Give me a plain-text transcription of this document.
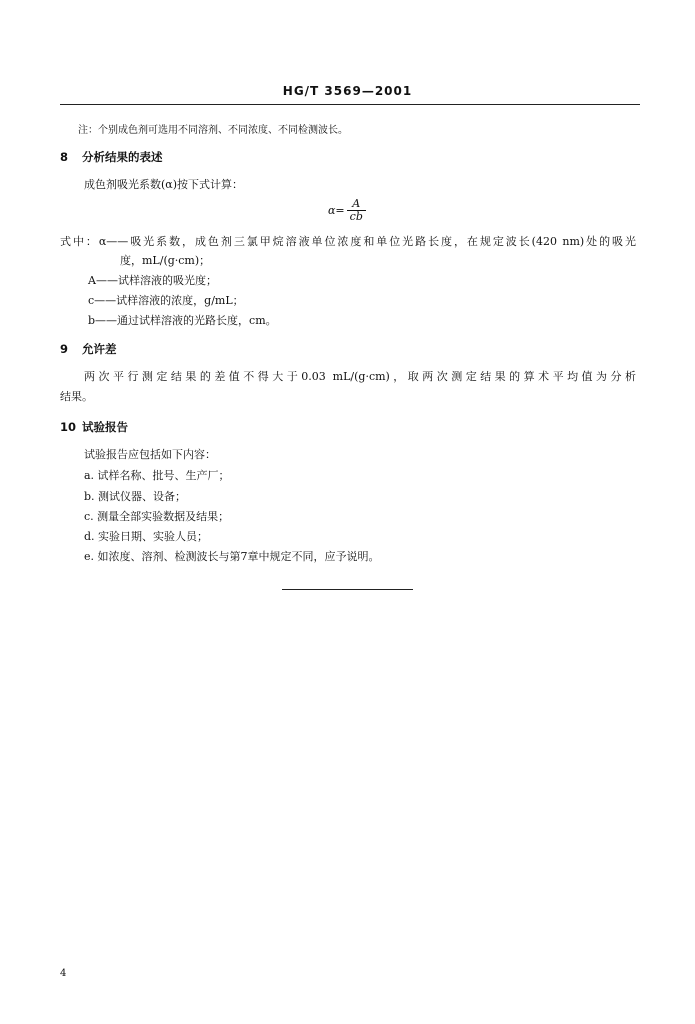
HG/T 3569—2001
注：个别成色剂可选用不同溶剂、不同浓度、不同检测波长。
8 分析结果的表述
成色剂吸光系数(α)按下式计算：
$\alpha= \frac{A}{cb}$
式中：α——吸光系数，成色剂三氯甲烷溶液单位浓度和单位光路长度，在规定波长(420 nm)处的吸光
度，mL/(g·cm)；
A——试样溶液的吸光度；
c——试样溶液的浓度，g/mL；
b——通过试样溶液的光路长度，cm。
9 允许差
两次平行测定结果的差值不得大于0.03 mL/(g·cm)，取两次测定结果的算术平均值为分析
结果。
10 试验报告
试验报告应包括如下内容：
a. 试样名称、批号、生产厂；
b. 测试仪器、设备；
c. 测量全部实验数据及结果；
d. 实验日期、实验人员；
e. 如浓度、溶剂、检测波长与第7章中规定不同，应予说明。
4
